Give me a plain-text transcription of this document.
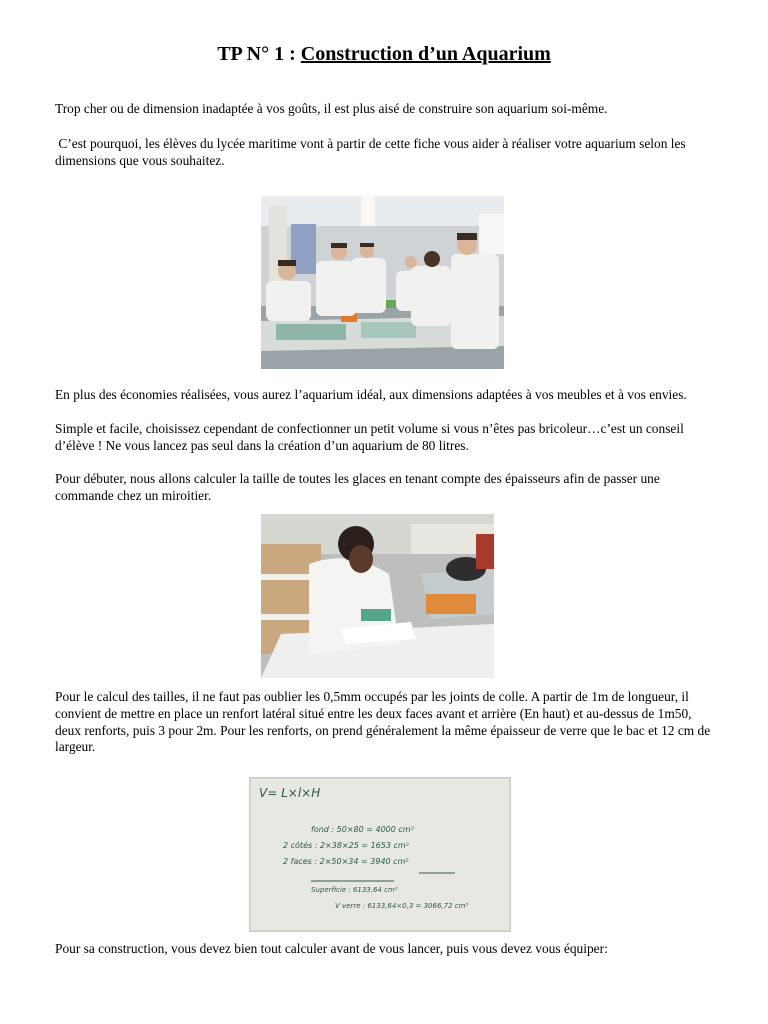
TP N° 1 : Construction d’un Aquarium

Trop cher ou de dimension inadaptée à vos goûts, il est plus aisé de construire son aquarium soi-même.

C’est pourquoi, les élèves du lycée maritime vont à partir de cette fiche vous aider à réaliser votre aquarium selon les dimensions que vous souhaitez.

En plus des économies réalisées, vous aurez l’aquarium idéal, aux dimensions adaptées à vos meubles et à vos envies.

Simple et facile, choisissez cependant de confectionner un petit volume si vous n’êtes pas bricoleur…c’est un conseil d’élève ! Ne vous lancez pas seul dans la création d’un aquarium de 80 litres.

Pour débuter, nous allons calculer la taille de toutes les glaces en tenant compte des épaisseurs afin de passer une commande chez un miroitier.

Pour le calcul des tailles, il ne faut pas oublier les 0,5mm occupés par les joints de colle. A partir de 1m de longueur, il convient de mettre en place un renfort latéral situé entre les deux faces avant et arrière (En haut) et au-dessus de 1m50, deux renforts, puis 3 pour 2m. Pour les renforts, on prend généralement la même épaisseur de verre que le bac et 12 cm de largeur.

V= L×l×H
fond : 50×80 = 4000 cm²
2 côtés : 2×38×25 = 1653 cm²
2 faces : 2×50×34 = 3940 cm²
Superficie : 6133,64 cm²
V verre : 6133,64×0,3 = 3066,72 cm³

Pour sa construction, vous devez bien tout calculer avant de vous lancer, puis vous devez vous équiper:
